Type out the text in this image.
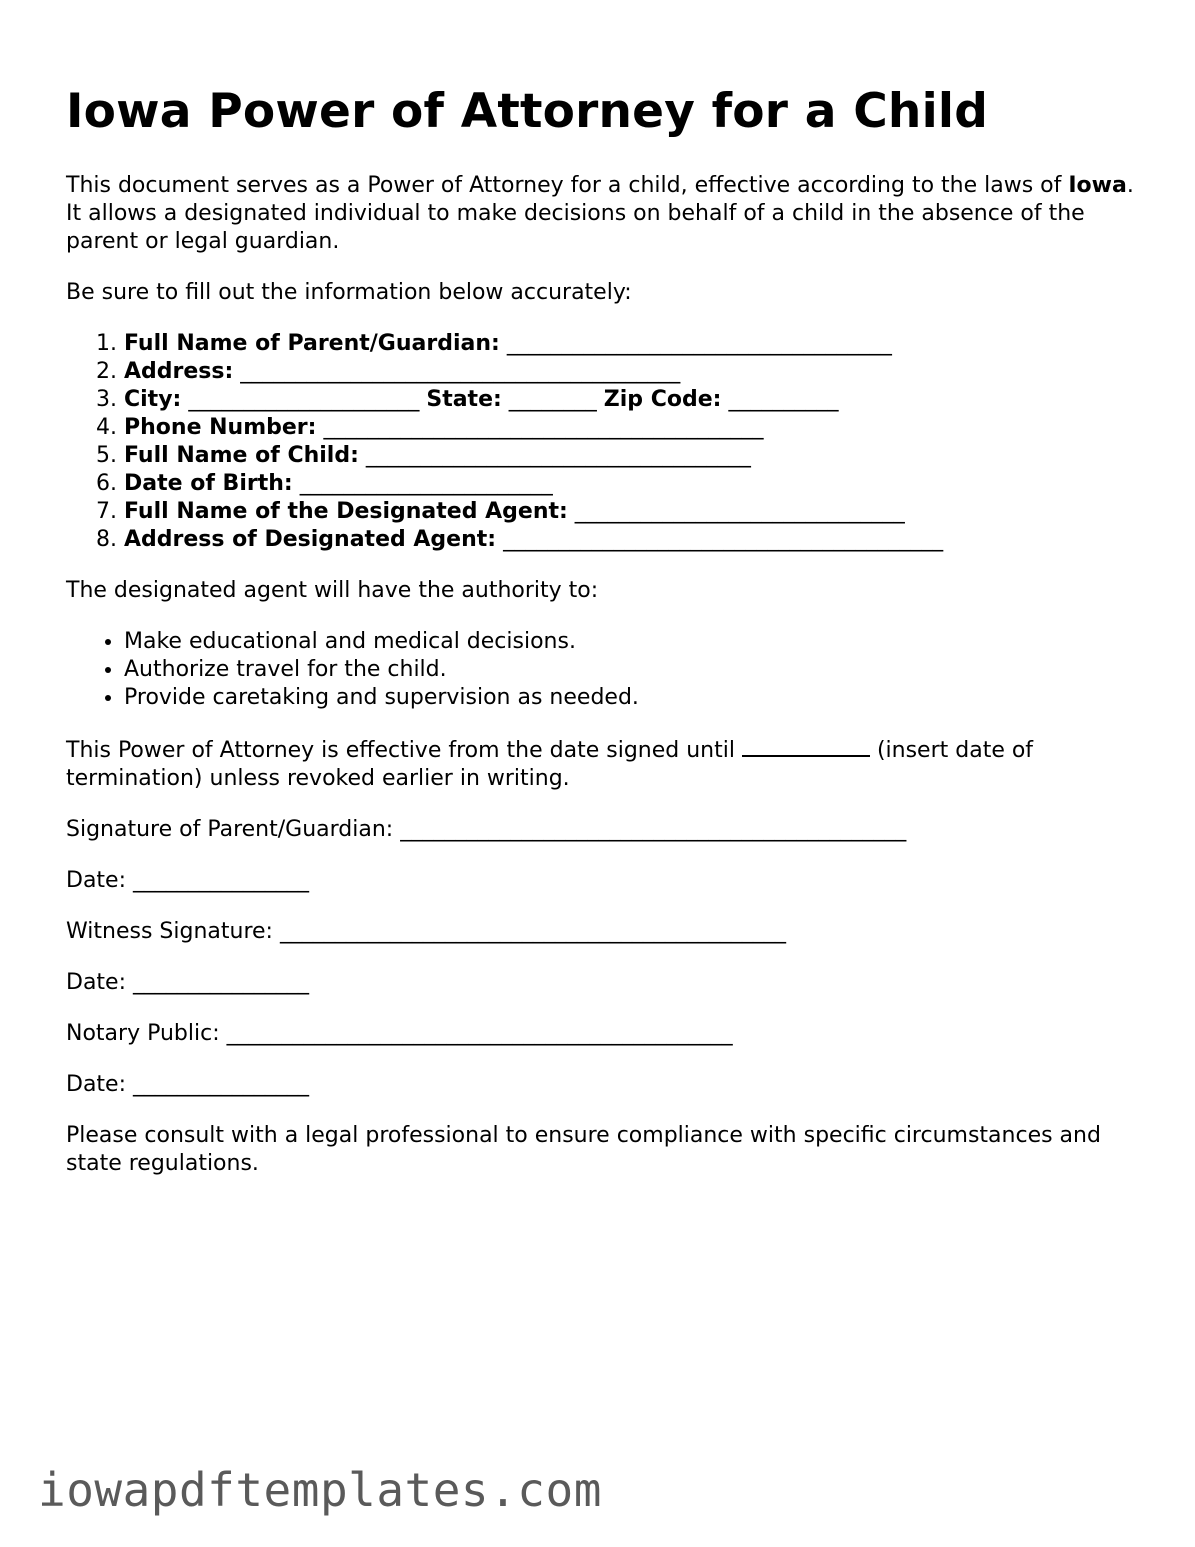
Iowa Power of Attorney for a Child

This document serves as a Power of Attorney for a child, effective according to the laws of Iowa. It allows a designated individual to make decisions on behalf of a child in the absence of the parent or legal guardian.

Be sure to fill out the information below accurately:

1. Full Name of Parent/Guardian: ___________________________________
2. Address: ________________________________________
3. City: _____________________ State: ________ Zip Code: __________
4. Phone Number: ________________________________________
5. Full Name of Child: ___________________________________
6. Date of Birth: _______________________
7. Full Name of the Designated Agent: ______________________________
8. Address of Designated Agent: ________________________________________

The designated agent will have the authority to:

• Make educational and medical decisions.
• Authorize travel for the child.
• Provide caretaking and supervision as needed.

This Power of Attorney is effective from the date signed until	(insert date of termination) unless revoked earlier in writing.

Signature of Parent/Guardian: ______________________________________________

Date: ________________

Witness Signature: ______________________________________________

Date: ________________

Notary Public: ______________________________________________

Date: ________________

Please consult with a legal professional to ensure compliance with specific circumstances and state regulations.

iowapdftemplates.com
